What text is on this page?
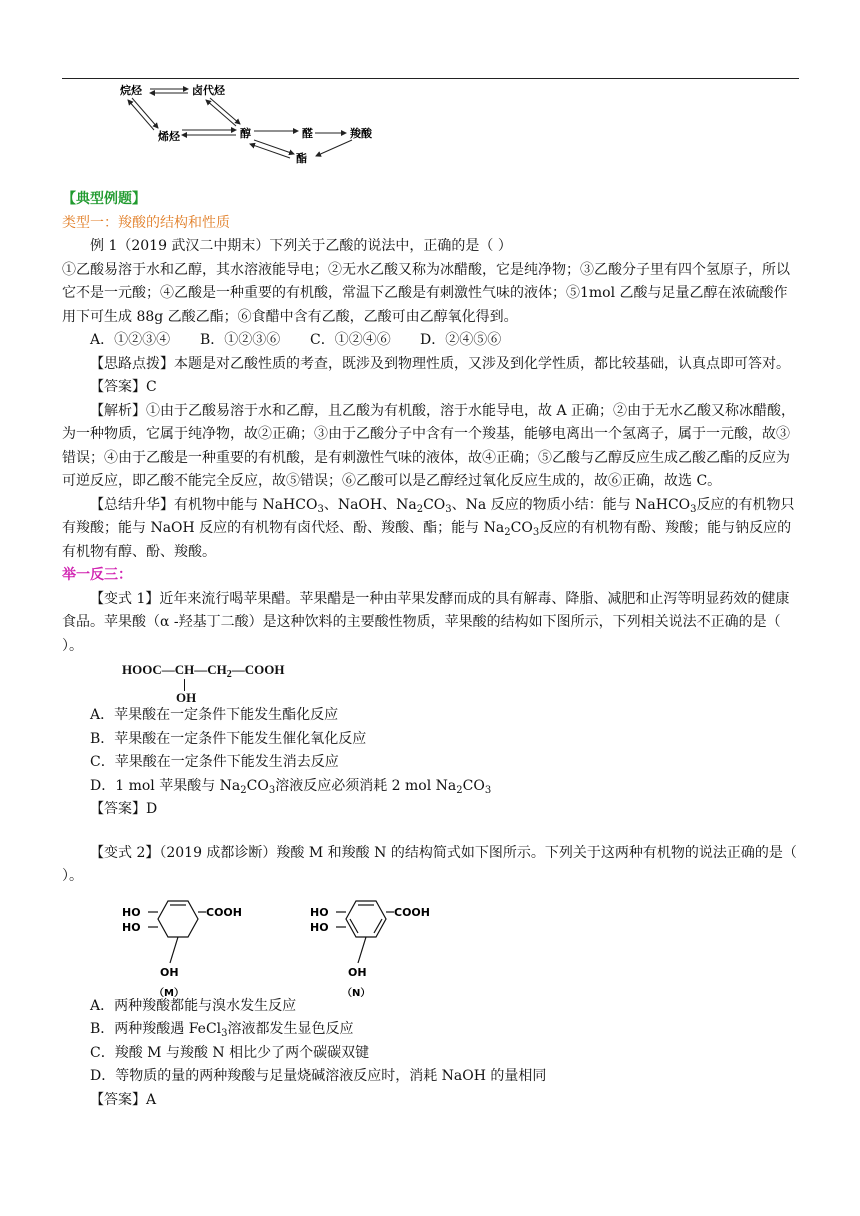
烷烃	卤代烃
烯烃	醇	醛	羧酸
酯

【典型例题】

类型一：羧酸的结构和性质

例 1（2019 武汉二中期末）下列关于乙酸的说法中，正确的是（ ）

①乙酸易溶于水和乙醇，其水溶液能导电；②无水乙酸又称为冰醋酸，它是纯净物；③乙酸分子里有四个氢原子，所以它不是一元酸；④乙酸是一种重要的有机酸，常温下乙酸是有刺激性气味的液体；⑤1mol 乙酸与足量乙醇在浓硫酸作用下可生成 88g 乙酸乙酯；⑥食醋中含有乙酸，乙酸可由乙醇氧化得到。

A．①②③④	B．①②③⑥	C．①②④⑥	D．②④⑤⑥

【思路点拨】本题是对乙酸性质的考查，既涉及到物理性质，又涉及到化学性质，都比较基础，认真点即可答对。

【答案】C

【解析】①由于乙酸易溶于水和乙醇，且乙酸为有机酸，溶于水能导电，故 A 正确；②由于无水乙酸又称冰醋酸，为一种物质，它属于纯净物，故②正确；③由于乙酸分子中含有一个羧基，能够电离出一个氢离子，属于一元酸，故③错误；④由于乙酸是一种重要的有机酸，是有刺激性气味的液体，故④正确；⑤乙酸与乙醇反应生成乙酸乙酯的反应为可逆反应，即乙酸不能完全反应，故⑤错误；⑥乙酸可以是乙醇经过氧化反应生成的，故⑥正确，故选 C。

【总结升华】有机物中能与 NaHCO$_3$、NaOH、$Na_2CO_3$、Na 反应的物质小结：能与 NaHCO$_3$反应的有机物只有羧酸；能与 NaOH 反应的有机物有卤代烃、酚、羧酸、酯；能与 $Na_2CO_3$反应的有机物有酚、羧酸；能与钠反应的有机物有醇、酚、羧酸。

举一反三：

【变式 1】近年来流行喝苹果醋。苹果醋是一种由苹果发酵而成的具有解毒、降脂、减肥和止泻等明显药效的健康食品。苹果酸（α -羟基丁二酸）是这种饮料的主要酸性物质，苹果酸的结构如下图所示，下列相关说法不正确的是（ ）。

$HOOC—CH—CH_2—COOH$
OH

A．苹果酸在一定条件下能发生酯化反应

B．苹果酸在一定条件下能发生催化氧化反应

C．苹果酸在一定条件下能发生消去反应

D．1 mol 苹果酸与 $Na_2CO_3$溶液反应必须消耗 2 mol $Na_2CO_3$

【答案】D

【变式 2】（2019 成都诊断）羧酸 M 和羧酸 N 的结构简式如下图所示。下列关于这两种有机物的说法正确的是（ ）。

HO
HO
COOH
OH
（M）
HO
HO
COOH
OH
（N）

A．两种羧酸都能与溴水发生反应

B．两种羧酸遇 FeCl$_3$溶液都发生显色反应

C．羧酸 M 与羧酸 N 相比少了两个碳碳双键

D．等物质的量的两种羧酸与足量烧碱溶液反应时，消耗 NaOH 的量相同

【答案】A
